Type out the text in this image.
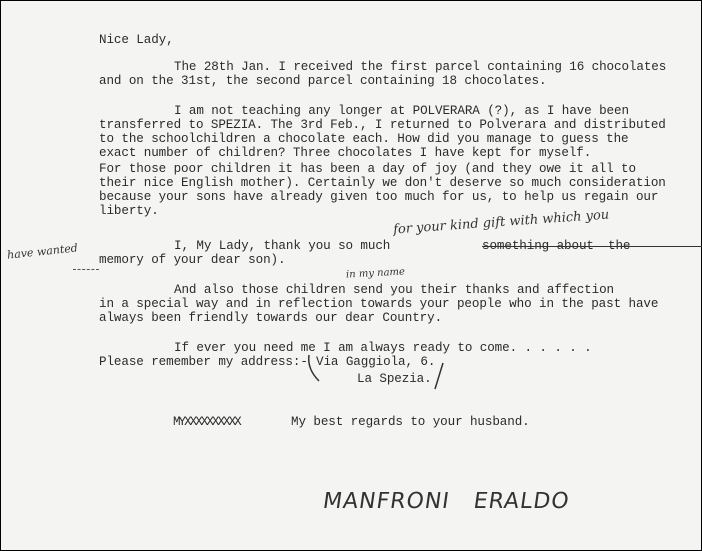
Nice Lady,
The 28th Jan. I received the first parcel containing 16 chocolates
and on the 31st, the second parcel containing 18 chocolates.
I am not teaching any longer at POLVERARA (?), as I have been
transferred to SPEZIA. The 3rd Feb., I returned to Polverara and distributed
to the schoolchildren a chocolate each. How did you manage to guess the
exact number of children? Three chocolates I have kept for myself.
For those poor children it has been a day of joy (and they owe it all to
their nice English mother). Certainly we don't deserve so much consideration
because your sons have already given too much for us, to help us regain our
liberty.	for your kind gift with which you
I, My Lady, thank you so much	something about	the
memory of your dear son).
have wanted
in my name
And also those children send you their thanks and affection
in a special way and in reflection towards your people who in the past have
always been friendly towards our dear Country.
If ever you need me I am always ready to come. . . . . .
Please remember my address:- Via Gaggiola, 6.
La Spezia.
MYXXXXXXXXXX	My best regards to your husband.
MANFRONI   ERALDO
